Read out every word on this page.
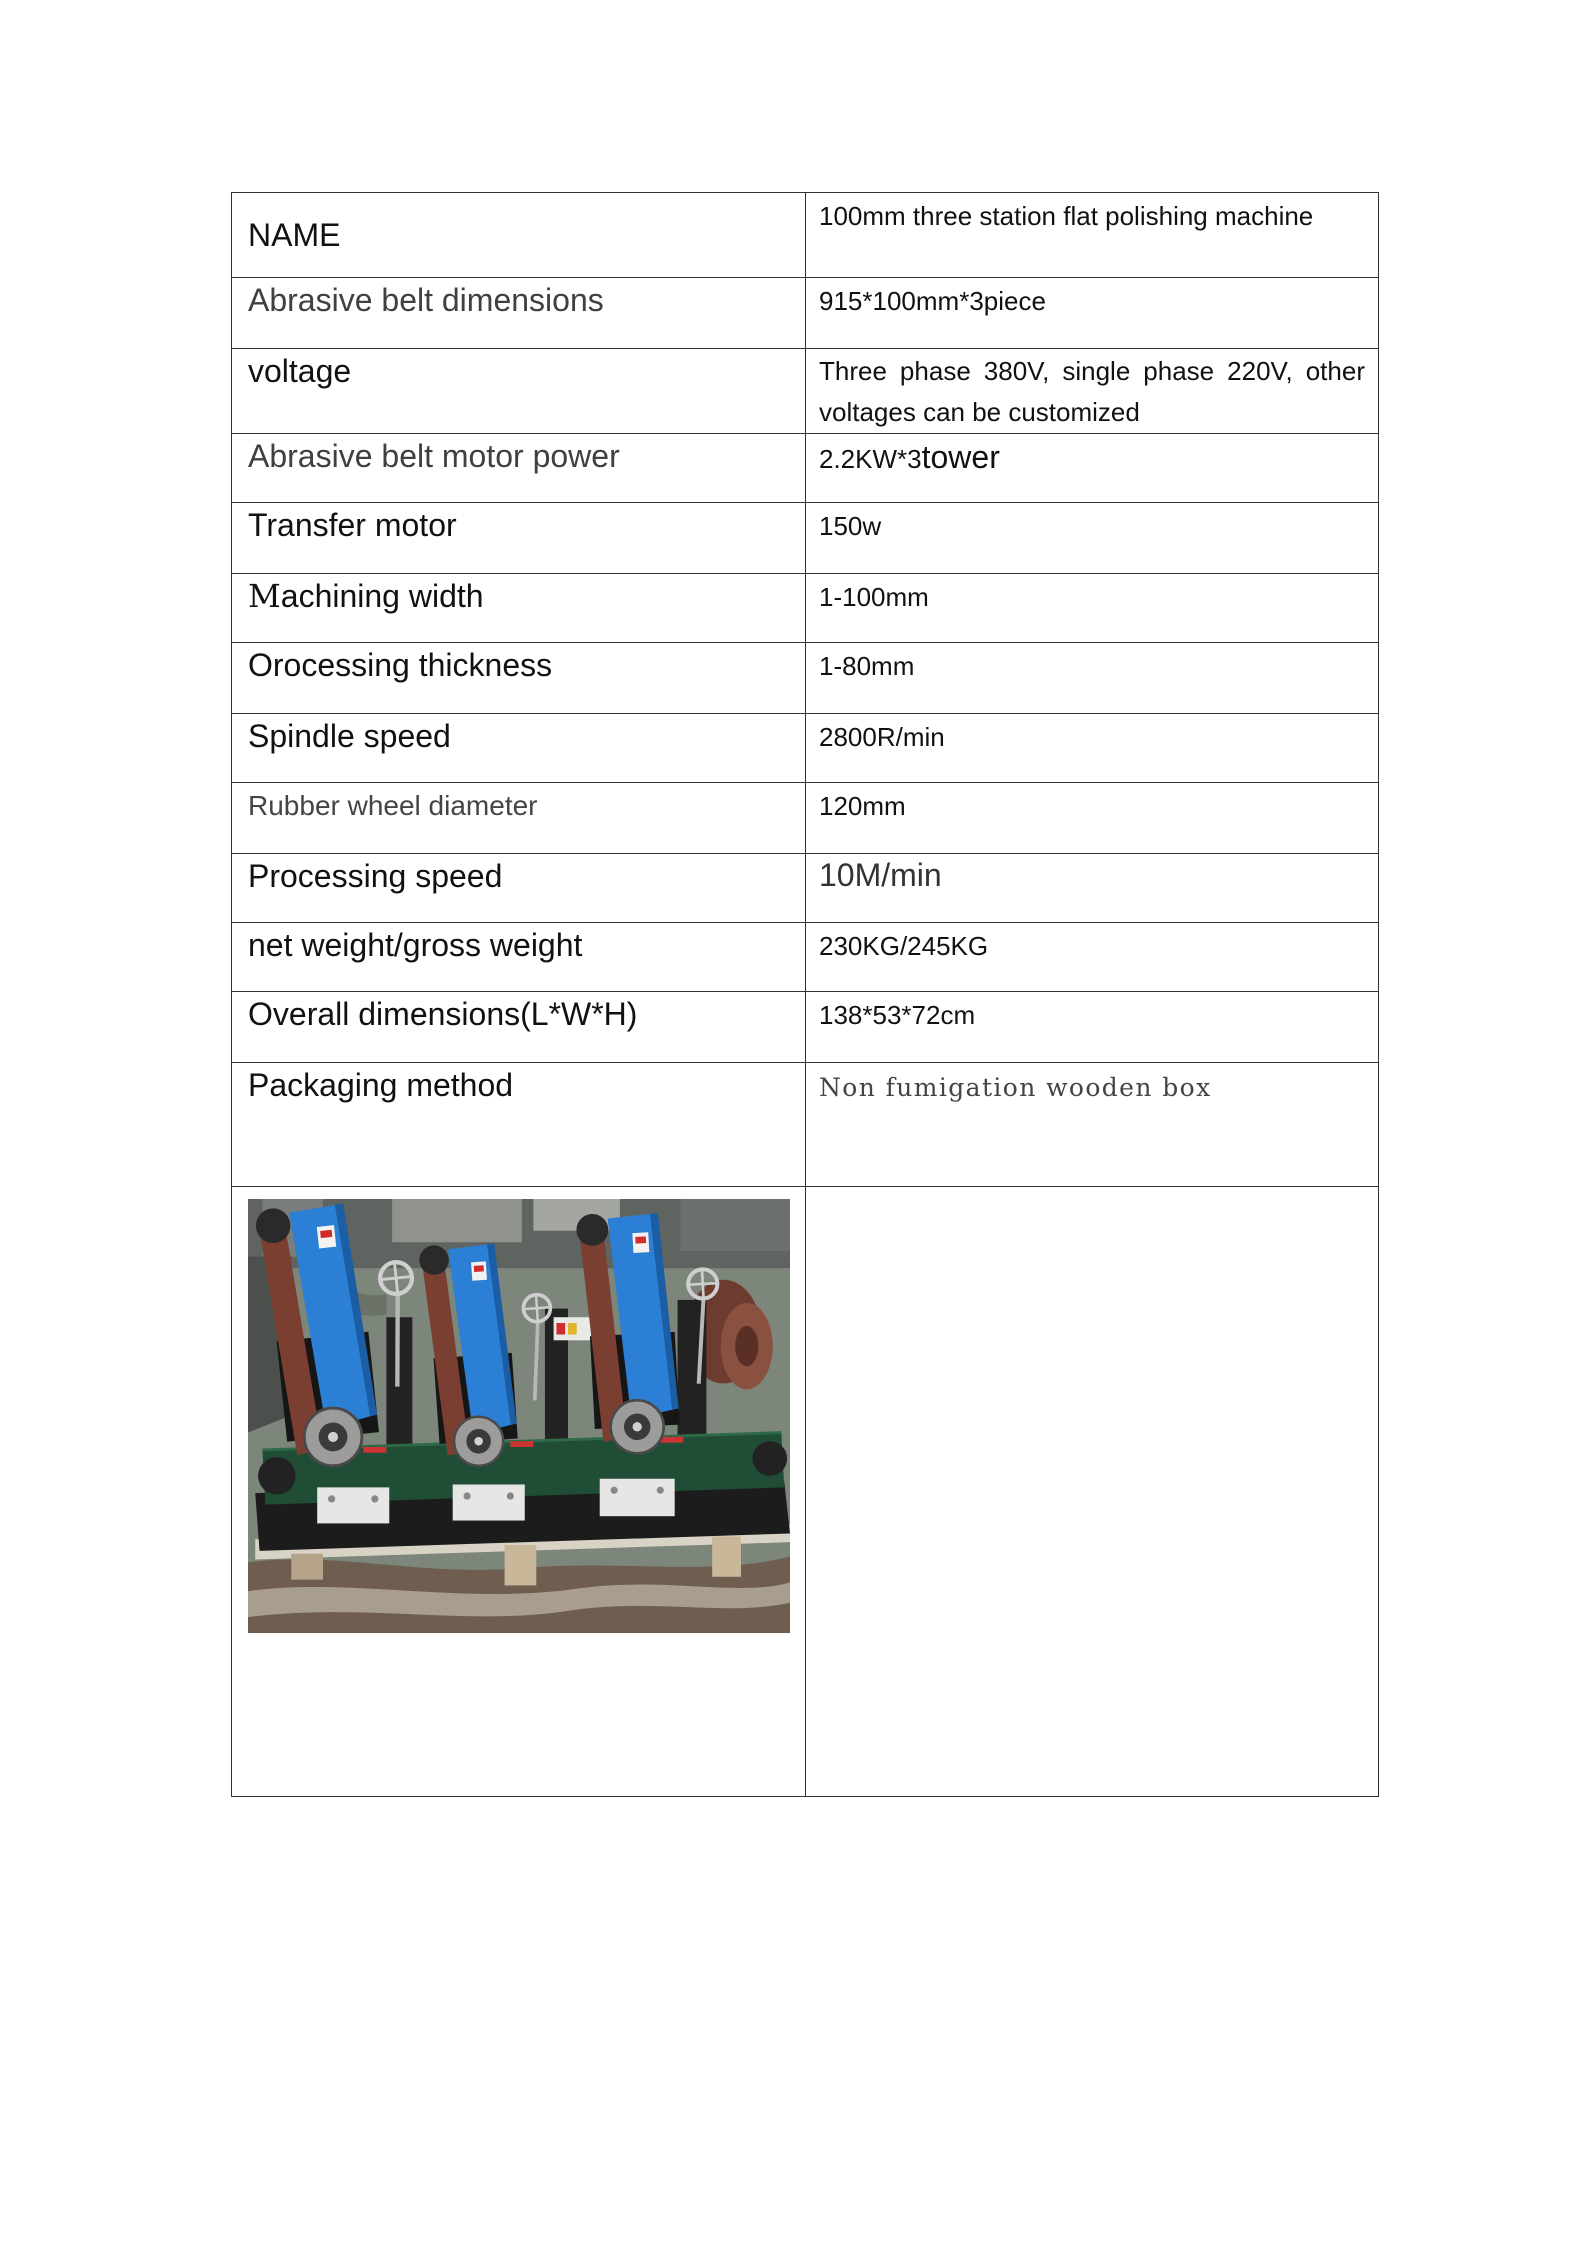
NAME	100mm three station flat polishing machine
Abrasive belt dimensions	915*100mm*3piece
voltage	Three phase 380V, single phase 220V, other voltages can be customized
Abrasive belt motor power	2.2KW*3tower
Transfer motor	150w

Machining width	1-100mm
Orocessing thickness	1-80mm
Spindle speed	2800R/min
Rubber wheel diameter	120mm
Processing speed	10M/min
net weight/gross weight	230KG/245KG
Overall dimensions(L*W*H)	138*53*72cm
Packaging method	Non fumigation wooden box
